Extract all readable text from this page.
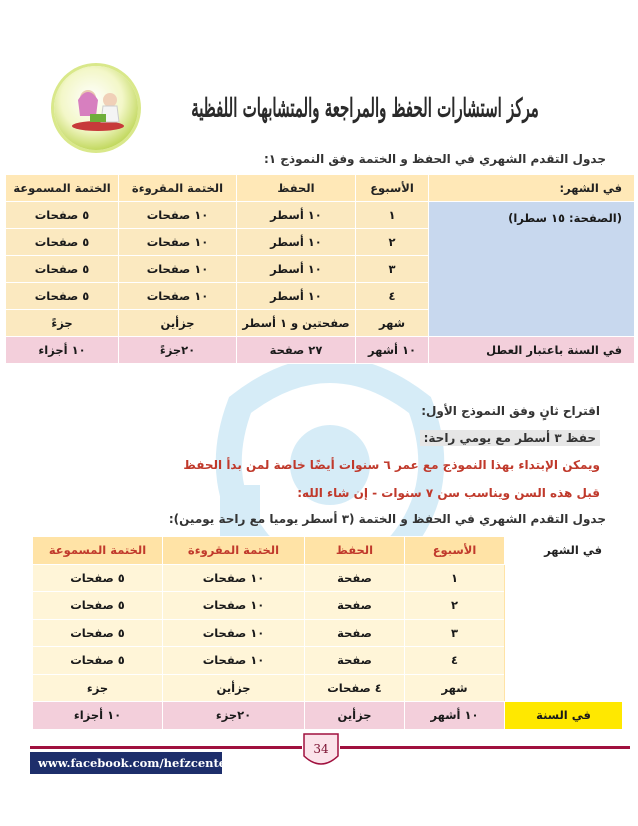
مركز استشارات الحفظ والمراجعة والمتشابهات اللفظية
جدول التقدم الشهري في الحفظ و الختمة وفق النموذج ١:
في الشهر:	الأسبوع	الحفظ	الختمة المقروءة	الختمة المسموعة
(الصفحة: ١٥ سطرا)	١	١٠ أسطر	١٠ صفحات	٥ صفحات
	٢	١٠ أسطر	١٠ صفحات	٥ صفحات
	٣	١٠ أسطر	١٠ صفحات	٥ صفحات
	٤	١٠ أسطر	١٠ صفحات	٥ صفحات
	شهر	صفحتين و ١ أسطر	جزأين	جزءً
في السنة باعتبار العطل	١٠ أشهر	٢٧ صفحة	٢٠جزءً	١٠ أجزاء
اقتراح ثانٍ وفق النموذج الأول:
حفظ ٣ أسطر مع يومي راحة:
ويمكن الإبتداء بهذا النموذج مع عمر ٦ سنوات أيضًا خاصة لمن بدأ الحفظ
قبل هذه السن ويناسب سن ٧ سنوات - إن شاء الله:
جدول التقدم الشهري في الحفظ و الختمة (٣ أسطر يوميا مع راحة يومين):
في الشهر	الأسبوع	الحفظ	الختمة المقروءة	الختمة المسموعة
	١	صفحة	١٠ صفحات	٥ صفحات
	٢	صفحة	١٠ صفحات	٥ صفحات
	٣	صفحة	١٠ صفحات	٥ صفحات
	٤	صفحة	١٠ صفحات	٥ صفحات
	شهر	٤ صفحات	جزأين	جزء
في السنة	١٠ أشهر	جزأين	٢٠جزء	١٠ أجزاء
34
www.facebook.com/hefzcenter
